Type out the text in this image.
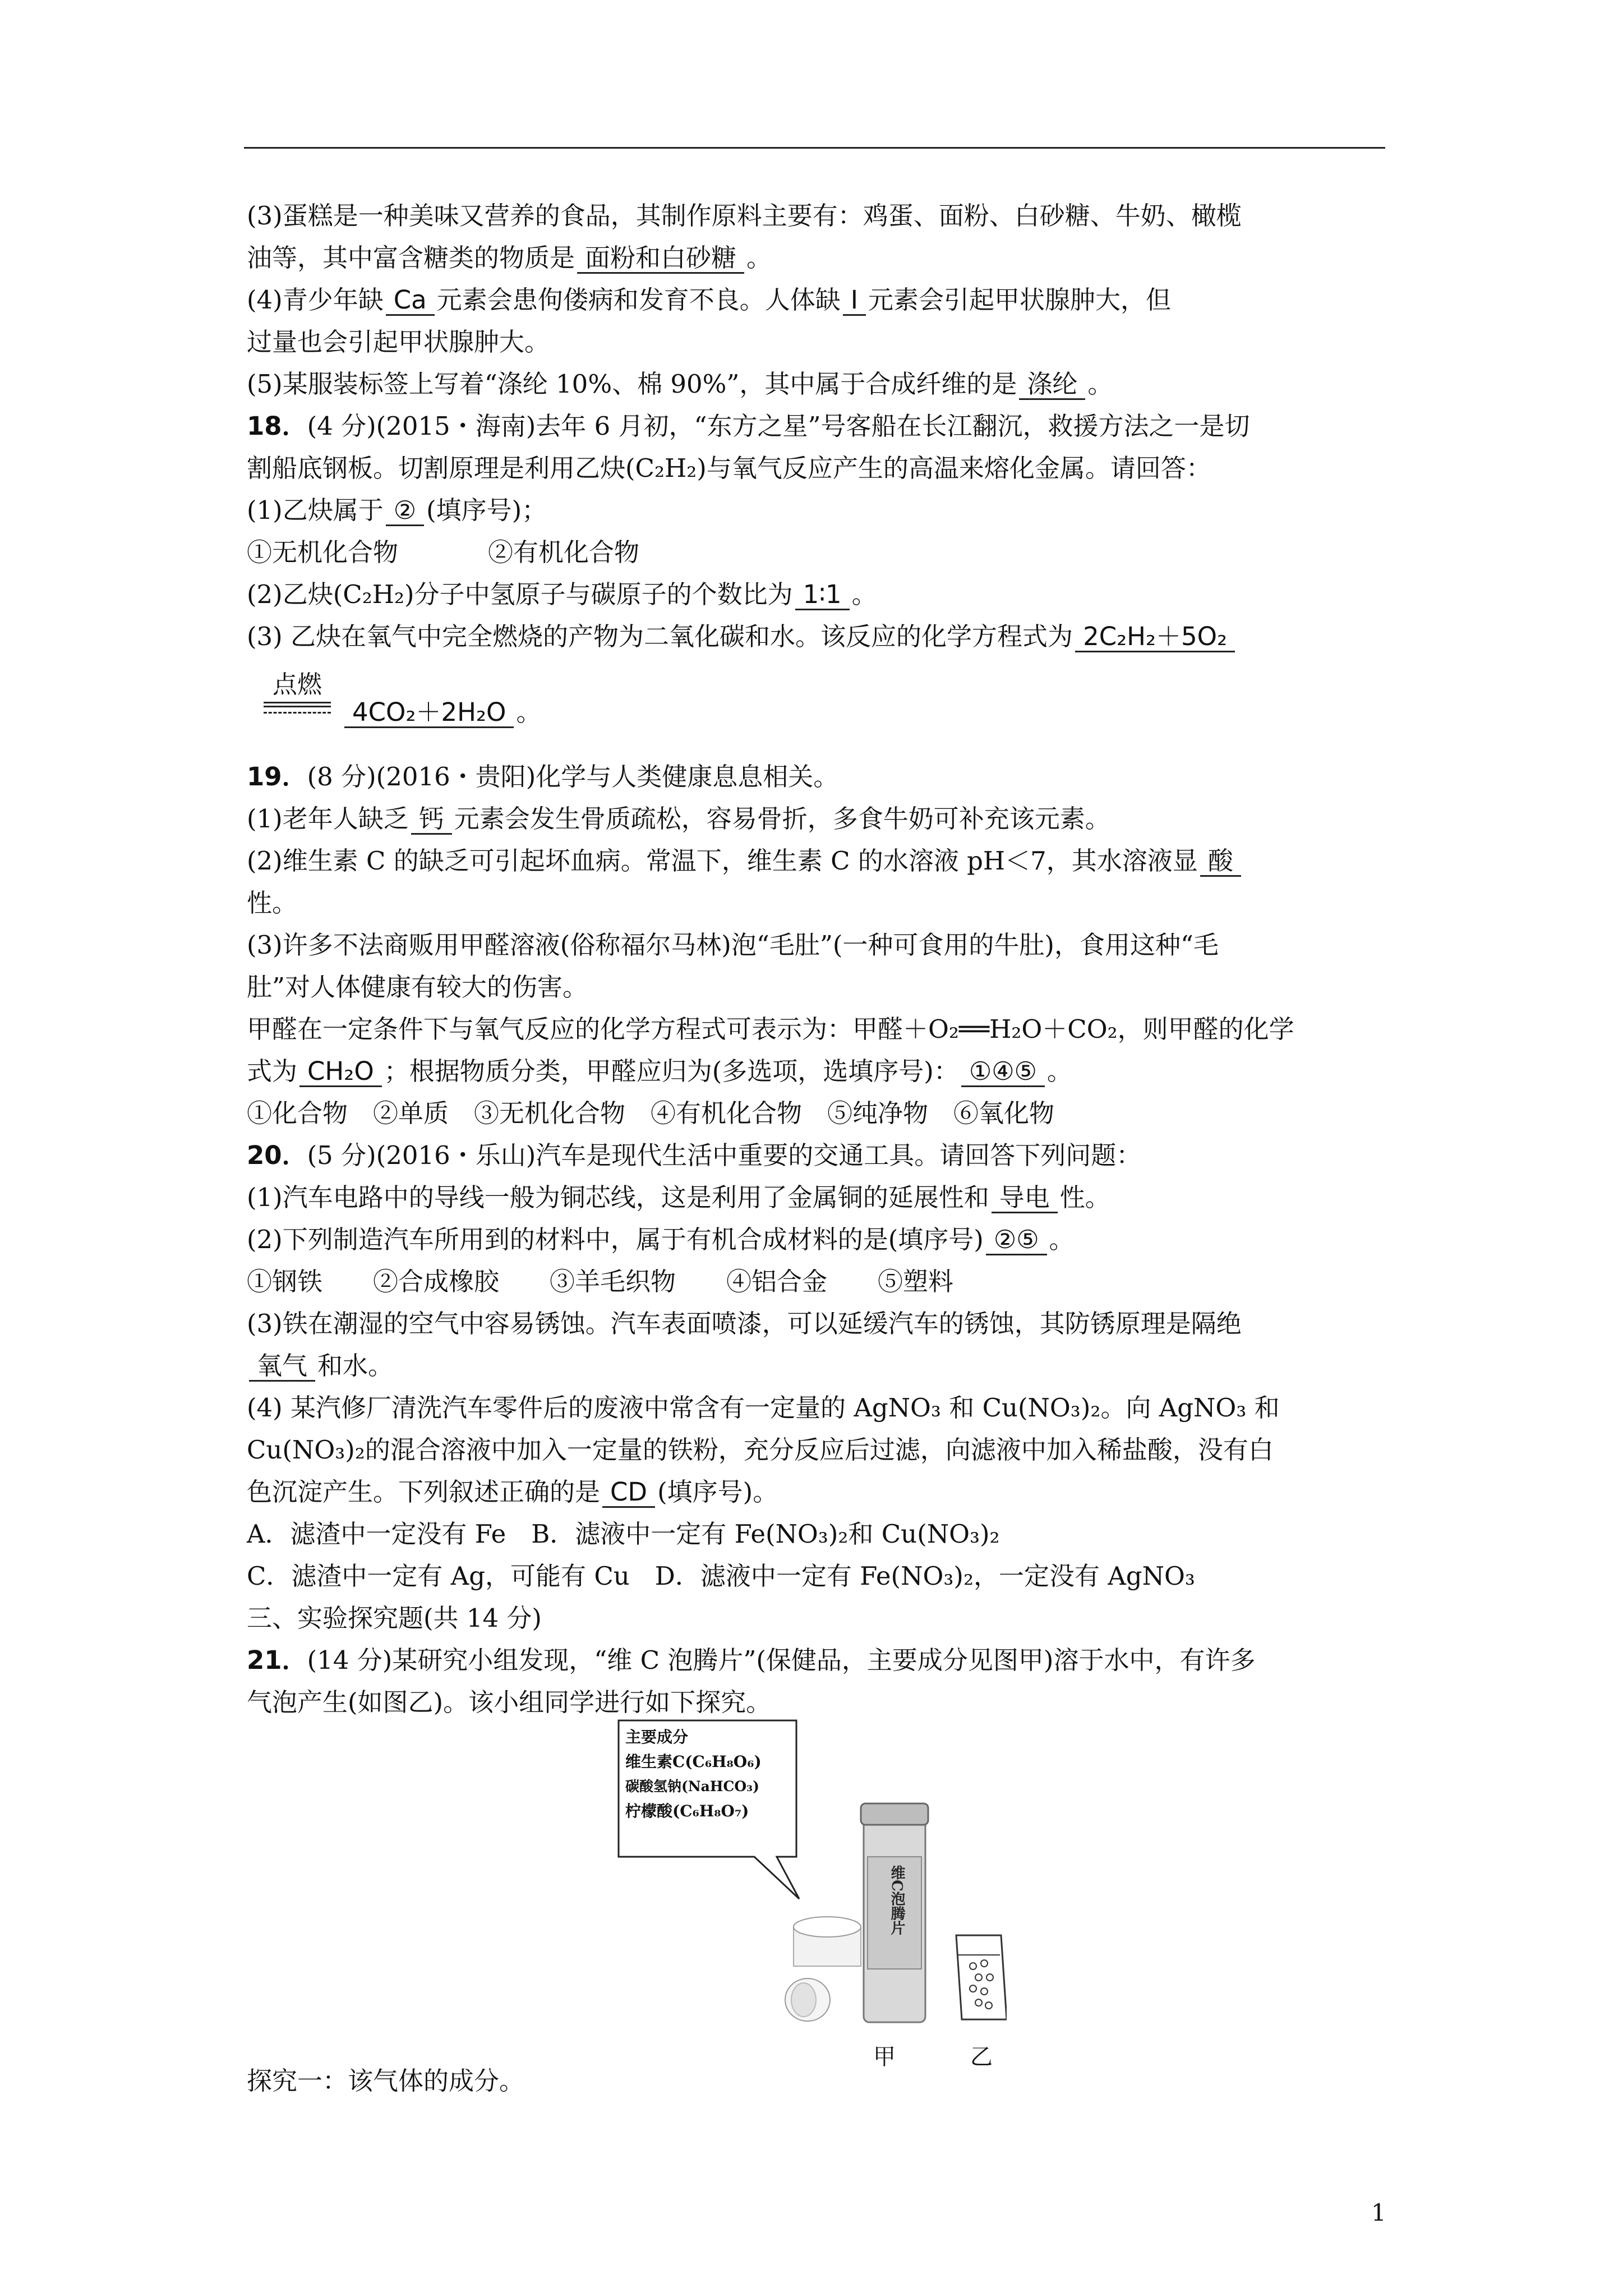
(3)蛋糕是一种美味又营养的食品，其制作原料主要有：鸡蛋、面粉、白砂糖、牛奶、橄榄
油等，其中富含糖类的物质是 面粉和白砂糖 。
(4)青少年缺 Ca 元素会患佝偻病和发育不良。人体缺 I 元素会引起甲状腺肿大，但
过量也会引起甲状腺肿大。
(5)某服装标签上写着“涤纶 10%、棉 90%”，其中属于合成纤维的是 涤纶 。
18．(4 分)(2015・海南)去年 6 月初，“东方之星”号客船在长江翻沉，救援方法之一是切
割船底钢板。切割原理是利用乙炔(C₂H₂)与氧气反应产生的高温来熔化金属。请回答：
(1)乙炔属于 ② (填序号)；
①无机化合物	②有机化合物
(2)乙炔(C₂H₂)分子中氢原子与碳原子的个数比为 1∶1 。
(3) 乙炔在氧气中完全燃烧的产物为二氧化碳和水。该反应的化学方程式为 2C₂H₂＋5O₂
点燃
4CO₂＋2H₂O 。
19．(8 分)(2016・贵阳)化学与人类健康息息相关。
(1)老年人缺乏 钙 元素会发生骨质疏松，容易骨折，多食牛奶可补充该元素。
(2)维生素 C 的缺乏可引起坏血病。常温下，维生素 C 的水溶液 pH＜7，其水溶液显 酸
性。
(3)许多不法商贩用甲醛溶液(俗称福尔马林)泡“毛肚”(一种可食用的牛肚)，食用这种“毛
肚”对人体健康有较大的伤害。
甲醛在一定条件下与氧气反应的化学方程式可表示为：甲醛＋O₂══H₂O＋CO₂，则甲醛的化学
式为 CH₂O ；根据物质分类，甲醛应归为(多选项，选填序号)： ①④⑤ 。
①化合物　②单质　③无机化合物　④有机化合物　⑤纯净物　⑥氧化物
20．(5 分)(2016・乐山)汽车是现代生活中重要的交通工具。请回答下列问题：
(1)汽车电路中的导线一般为铜芯线，这是利用了金属铜的延展性和 导电 性。
(2)下列制造汽车所用到的材料中，属于有机合成材料的是(填序号) ②⑤ 。
①钢铁　　②合成橡胶　　③羊毛织物　　④铝合金　　⑤塑料
(3)铁在潮湿的空气中容易锈蚀。汽车表面喷漆，可以延缓汽车的锈蚀，其防锈原理是隔绝
氧气 和水。
(4) 某汽修厂清洗汽车零件后的废液中常含有一定量的 AgNO₃ 和 Cu(NO₃)₂。向 AgNO₃ 和
Cu(NO₃)₂的混合溶液中加入一定量的铁粉，充分反应后过滤，向滤液中加入稀盐酸，没有白
色沉淀产生。下列叙述正确的是 CD (填序号)。
A．滤渣中一定没有 Fe　B．滤液中一定有 Fe(NO₃)₂和 Cu(NO₃)₂
C．滤渣中一定有 Ag，可能有 Cu　D．滤液中一定有 Fe(NO₃)₂，一定没有 AgNO₃
三、实验探究题(共 14 分)
21．(14 分)某研究小组发现，“维 C 泡腾片”(保健品，主要成分见图甲)溶于水中，有许多
气泡产生(如图乙)。该小组同学进行如下探究。
主要成分
维生素C(C₆H₈O₆)
碳酸氢钠(NaHCO₃)
柠檬酸(C₆H₈O₇)
维C泡腾片
甲	乙
探究一：该气体的成分。
1
